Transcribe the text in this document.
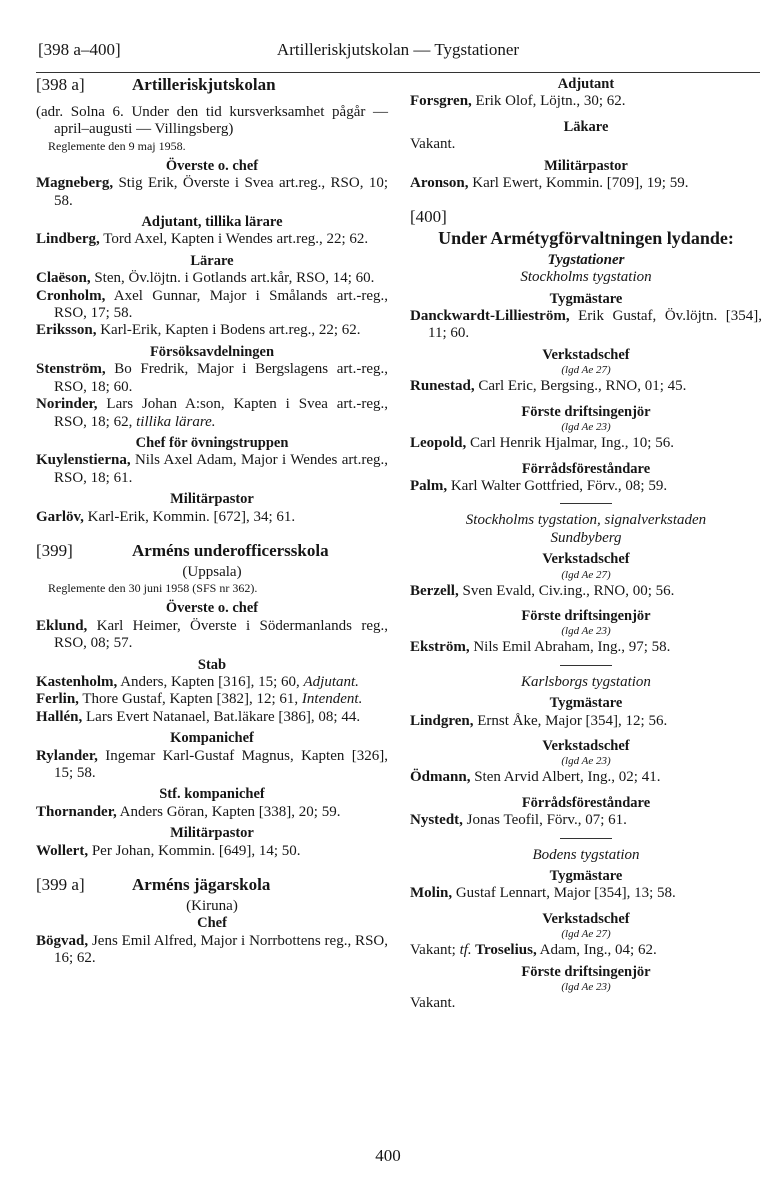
[398 a–400]	Artilleriskjutskolan — Tygstationer
[398 a]	Artilleriskjutskolan

(adr. Solna 6. Under den tid kursverksamhet pågår — april–augusti — Villingsberg)

Reglemente den 9 maj 1958.

Överste o. chef

Magneberg, Stig Erik, Överste i Svea art.reg., RSO, 10; 58.

Adjutant, tillika lärare

Lindberg, Tord Axel, Kapten i Wendes art.reg., 22; 62.

Lärare

Claëson, Sten, Öv.löjtn. i Gotlands art.kår, RSO, 14; 60.

Cronholm, Axel Gunnar, Major i Smålands art.-reg., RSO, 17; 58.

Eriksson, Karl-Erik, Kapten i Bodens art.reg., 22; 62.

Försöksavdelningen

Stenström, Bo Fredrik, Major i Bergslagens art.-reg., RSO, 18; 60.

Norinder, Lars Johan A:son, Kapten i Svea art.-reg., RSO, 18; 62, tillika lärare.

Chef för övningstruppen

Kuylenstierna, Nils Axel Adam, Major i Wendes art.reg., RSO, 18; 61.

Militärpastor

Garlöv, Karl-Erik, Kommin. [672], 34; 61.

[399]	Arméns underofficersskola

(Uppsala)

Reglemente den 30 juni 1958 (SFS nr 362).

Överste o. chef

Eklund, Karl Heimer, Överste i Södermanlands reg., RSO, 08; 57.

Stab

Kastenholm, Anders, Kapten [316], 15; 60, Adjutant.

Ferlin, Thore Gustaf, Kapten [382], 12; 61, Intendent.

Hallén, Lars Evert Natanael, Bat.läkare [386], 08; 44.

Kompanichef

Rylander, Ingemar Karl-Gustaf Magnus, Kapten [326], 15; 58.

Stf. kompanichef

Thornander, Anders Göran, Kapten [338], 20; 59.

Militärpastor

Wollert, Per Johan, Kommin. [649], 14; 50.

[399 a]	Arméns jägarskola

(Kiruna)

Chef

Bögvad, Jens Emil Alfred, Major i Norrbottens reg., RSO, 16; 62.

Adjutant

Forsgren, Erik Olof, Löjtn., 30; 62.

Läkare

Vakant.

Militärpastor

Aronson, Karl Ewert, Kommin. [709], 19; 59.

[400]

Under Armétygförvaltningen lydande:

Tygstationer

Stockholms tygstation

Tygmästare

Danckwardt-Lillieström, Erik Gustaf, Öv.löjtn. [354], 11; 60.

Verkstadschef

(lgd Ae 27)

Runestad, Carl Eric, Bergsing., RNO, 01; 45.

Förste driftsingenjör

(lgd Ae 23)

Leopold, Carl Henrik Hjalmar, Ing., 10; 56.

Förrådsföreståndare

Palm, Karl Walter Gottfried, Förv., 08; 59.

Stockholms tygstation, signalverkstaden

Sundbyberg

Verkstadschef

(lgd Ae 27)

Berzell, Sven Evald, Civ.ing., RNO, 00; 56.

Förste driftsingenjör

(lgd Ae 23)

Ekström, Nils Emil Abraham, Ing., 97; 58.

Karlsborgs tygstation

Tygmästare

Lindgren, Ernst Åke, Major [354], 12; 56.

Verkstadschef

(lgd Ae 23)

Ödmann, Sten Arvid Albert, Ing., 02; 41.

Förrådsföreståndare

Nystedt, Jonas Teofil, Förv., 07; 61.

Bodens tygstation

Tygmästare

Molin, Gustaf Lennart, Major [354], 13; 58.

Verkstadschef

(lgd Ae 27)

Vakant; tf. Troselius, Adam, Ing., 04; 62.

Förste driftsingenjör

(lgd Ae 23)

Vakant.

400
